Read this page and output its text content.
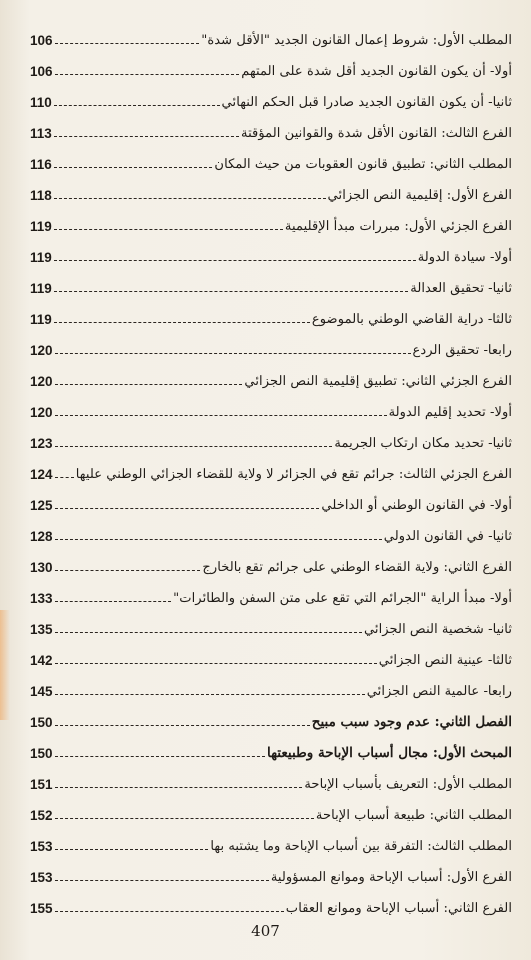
المطلب الأول: شروط إعمال القانون الجديد "الأقل شدة"
106
أولا- أن يكون القانون الجديد أقل شدة على المتهم
106
ثانيا- أن يكون القانون الجديد صادرا قبل الحكم النهائي
110
الفرع الثالث: القانون الأقل شدة والقوانين المؤقتة
113
المطلب الثاني: تطبيق قانون العقوبات من حيث المكان
116
الفرع الأول: إقليمية النص الجزائي
118
الفرع الجزئي الأول: مبررات مبدأ الإقليمية
119
أولا- سيادة الدولة
119
ثانيا- تحقيق العدالة
119
ثالثا- دراية القاضي الوطني بالموضوع
119
رابعا- تحقيق الردع
120
الفرع الجزئي الثاني: تطبيق إقليمية النص الجزائي
120
أولا- تحديد إقليم الدولة
120
ثانيا- تحديد مكان ارتكاب الجريمة
123
الفرع الجزئي الثالث: جرائم تقع في الجزائر لا ولاية للقضاء الجزائي الوطني عليها
124
أولا- في القانون الوطني أو الداخلي
125
ثانيا- في القانون الدولي
128
الفرع الثاني: ولاية القضاء الوطني على جرائم تقع بالخارج
130
أولا- مبدأ الراية "الجرائم التي تقع على متن السفن والطائرات"
133
ثانيا- شخصية النص الجزائي
135
ثالثا- عينية النص الجزائي
142
رابعا- عالمية النص الجزائي
145
الفصل الثاني: عدم وجود سبب مبيح
150
المبحث الأول: مجال أسباب الإباحة وطبيعتها
150
المطلب الأول: التعريف بأسباب الإباحة
151
المطلب الثاني: طبيعة أسباب الإباحة
152
المطلب الثالث: التفرقة بين أسباب الإباحة وما يشتبه بها
153
الفرع الأول: أسباب الإباحة وموانع المسؤولية
153
الفرع الثاني: أسباب الإباحة وموانع العقاب
155
407
